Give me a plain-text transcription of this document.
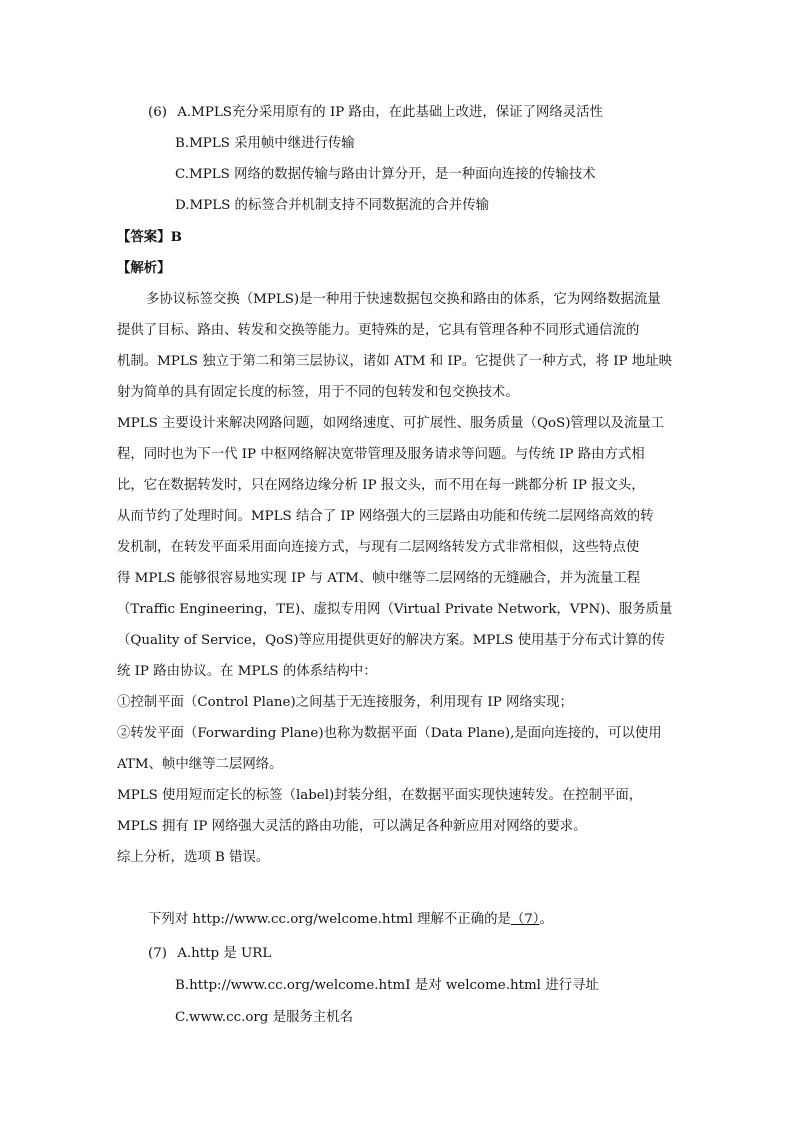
(6) A.MPLS充分采用原有的 IP 路由，在此基础上改进，保证了网络灵活性
B.MPLS 采用帧中继进行传输
C.MPLS 网络的数据传输与路由计算分开，是一种面向连接的传输技术
D.MPLS 的标签合并机制支持不同数据流的合并传输
【答案】B
【解析】
多协议标签交换（MPLS)是一种用于快速数据包交换和路由的体系，它为网络数据流量
提供了目标、路由、转发和交换等能力。更特殊的是，它具有管理各种不同形式通信流的
机制。MPLS 独立于第二和第三层协议，诸如 ATM 和 IP。它提供了一种方式，将 IP 地址映
射为简单的具有固定长度的标签，用于不同的包转发和包交换技术。
MPLS 主要设计来解决网路问题，如网络速度、可扩展性、服务质量（QoS)管理以及流量工
程，同时也为下一代 IP 中枢网络解决宽带管理及服务请求等问题。与传统 IP 路由方式相
比，它在数据转发时，只在网络边缘分析 IP 报文头，而不用在每一跳都分析 IP 报文头，
从而节约了处理时间。MPLS 结合了 IP 网络强大的三层路由功能和传统二层网络高效的转
发机制，在转发平面采用面向连接方式，与现有二层网络转发方式非常相似，这些特点使
得 MPLS 能够很容易地实现 IP 与 ATM、帧中继等二层网络的无缝融合，并为流量工程
（Traffic Engineering，TE)、虚拟专用网（Virtual Private Network，VPN)、服务质量
（Quality of Service，QoS)等应用提供更好的解决方案。MPLS 使用基于分布式计算的传
统 IP 路由协议。在 MPLS 的体系结构中：
①控制平面（Control Plane)之间基于无连接服务，利用现有 IP 网络实现；
②转发平面（Forwarding Plane)也称为数据平面（Data Plane),是面向连接的，可以使用
ATM、帧中继等二层网络。
MPLS 使用短而定长的标签（label)封装分组，在数据平面实现快速转发。在控制平面，
MPLS 拥有 IP 网络强大灵活的路由功能，可以满足各种新应用对网络的要求。
综上分析，选项 B 错误。
下列对 http://www.cc.org/welcome.html 理解不正确的是（7）。
(7) A.http 是 URL
B.http://www.cc.org/welcome.htmI 是对 welcome.html 进行寻址
C.www.cc.org 是服务主机名
